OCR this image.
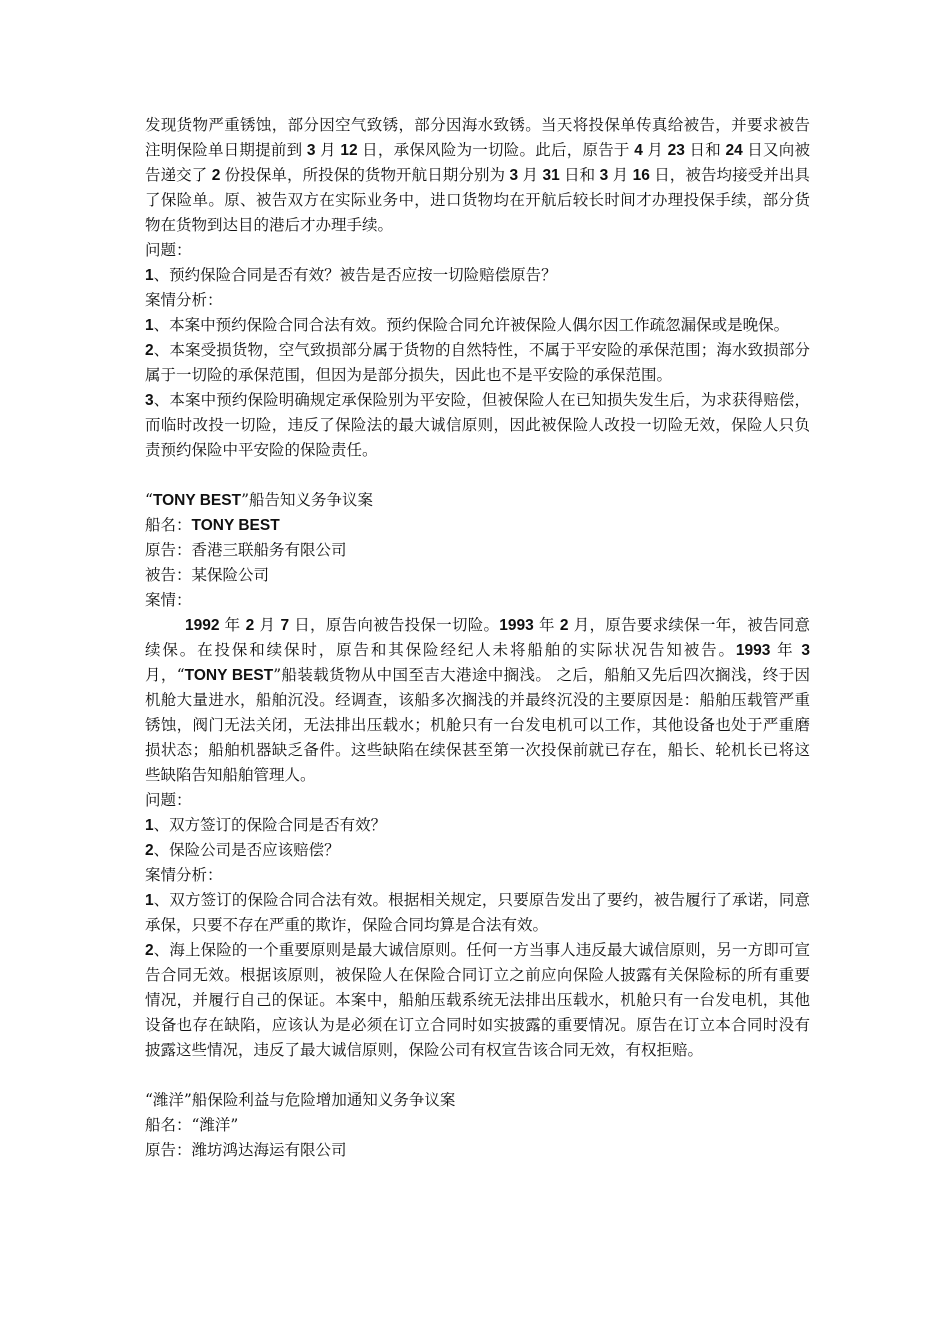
发现货物严重锈蚀，部分因空气致锈，部分因海水致锈。当天将投保单传真给被告，并要求被告注明保险单日期提前到 3 月 12 日，承保风险为一切险。此后，原告于 4 月 23 日和 24 日又向被告递交了 2 份投保单，所投保的货物开航日期分别为 3 月 31 日和 3 月 16 日，被告均接受并出具了保险单。原、被告双方在实际业务中，进口货物均在开航后较长时间才办理投保手续，部分货物在货物到达目的港后才办理手续。

问题：

1、预约保险合同是否有效？被告是否应按一切险赔偿原告？

案情分析：

1、本案中预约保险合同合法有效。预约保险合同允许被保险人偶尔因工作疏忽漏保或是晚保。

2、本案受损货物，空气致损部分属于货物的自然特性，不属于平安险的承保范围；海水致损部分属于一切险的承保范围，但因为是部分损失，因此也不是平安险的承保范围。

3、本案中预约保险明确规定承保险别为平安险，但被保险人在已知损失发生后，为求获得赔偿，而临时改投一切险，违反了保险法的最大诚信原则，因此被保险人改投一切险无效，保险人只负责预约保险中平安险的保险责任。

“TONY BEST”船告知义务争议案

船名：TONY BEST

原告：香港三联船务有限公司

被告：某保险公司

案情：

1992 年 2 月 7 日，原告向被告投保一切险。1993 年 2 月，原告要求续保一年，被告同意续保。在投保和续保时，原告和其保险经纪人未将船舶的实际状况告知被告。1993 年 3 月，“TONY BEST”船装载货物从中国至吉大港途中搁浅。 之后，船舶又先后四次搁浅，终于因机舱大量进水，船舶沉没。经调查，该船多次搁浅的并最终沉没的主要原因是：船舶压载管严重锈蚀，阀门无法关闭，无法排出压载水；机舱只有一台发电机可以工作，其他设备也处于严重磨损状态；船舶机器缺乏备件。这些缺陷在续保甚至第一次投保前就已存在，船长、轮机长已将这些缺陷告知船舶管理人。

问题：

1、双方签订的保险合同是否有效？

2、保险公司是否应该赔偿？

案情分析：

1、双方签订的保险合同合法有效。根据相关规定，只要原告发出了要约，被告履行了承诺，同意承保，只要不存在严重的欺诈，保险合同均算是合法有效。

2、海上保险的一个重要原则是最大诚信原则。任何一方当事人违反最大诚信原则，另一方即可宣告合同无效。根据该原则，被保险人在保险合同订立之前应向保险人披露有关保险标的所有重要情况，并履行自己的保证。本案中，船舶压载系统无法排出压载水，机舱只有一台发电机，其他设备也存在缺陷，应该认为是必须在订立合同时如实披露的重要情况。原告在订立本合同时没有披露这些情况，违反了最大诚信原则，保险公司有权宣告该合同无效，有权拒赔。

“潍洋”船保险利益与危险增加通知义务争议案

船名：“潍洋”

原告：潍坊鸿达海运有限公司
